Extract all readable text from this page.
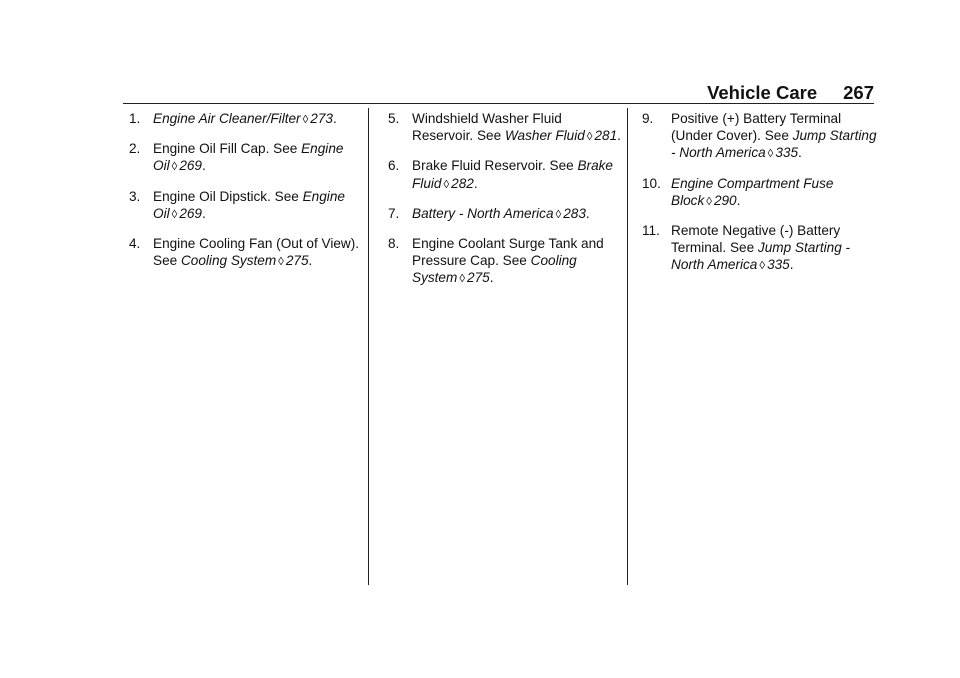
Vehicle Care 267
1. Engine Air Cleaner/Filter ◊ 273.
2. Engine Oil Fill Cap. See Engine Oil ◊ 269.
3. Engine Oil Dipstick. See Engine Oil ◊ 269.
4. Engine Cooling Fan (Out of View). See Cooling System ◊ 275.
5. Windshield Washer Fluid Reservoir. See Washer Fluid ◊ 281.
6. Brake Fluid Reservoir. See Brake Fluid ◊ 282.
7. Battery - North America ◊ 283.
8. Engine Coolant Surge Tank and Pressure Cap. See Cooling System ◊ 275.
9. Positive (+) Battery Terminal (Under Cover). See Jump Starting - North America ◊ 335.
10. Engine Compartment Fuse Block ◊ 290.
11. Remote Negative (-) Battery Terminal. See Jump Starting - North America ◊ 335.
